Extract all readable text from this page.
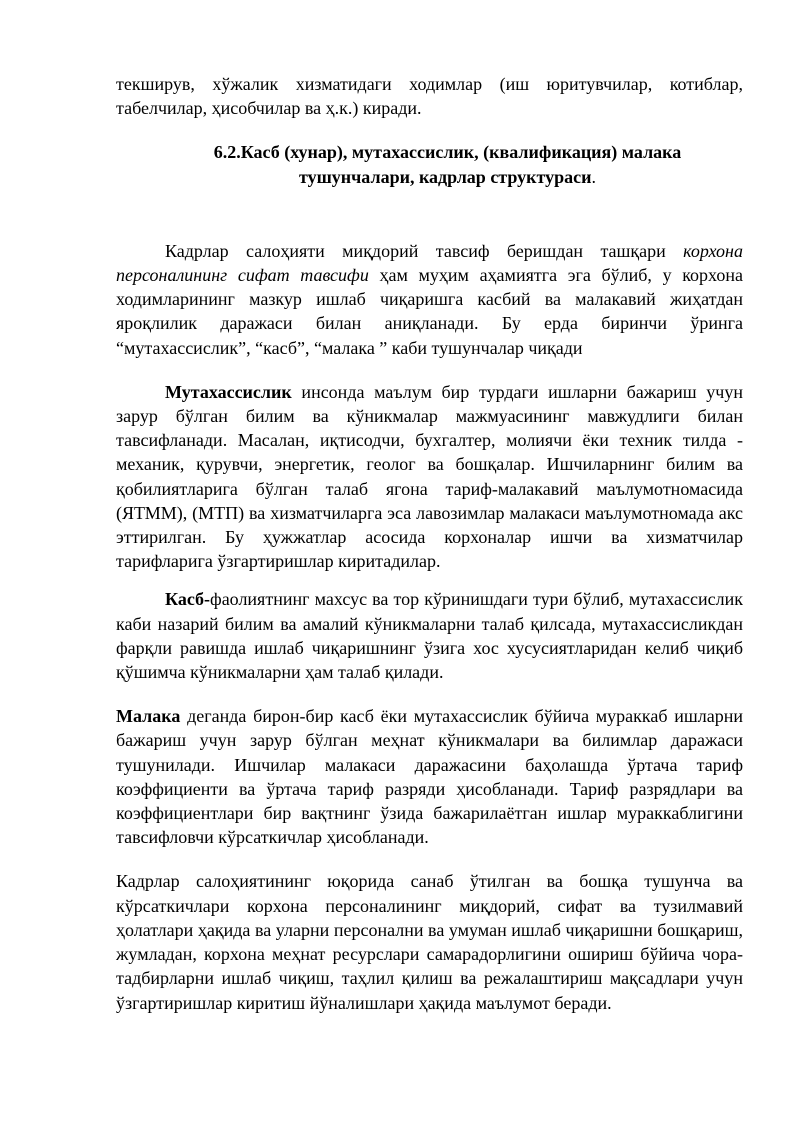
текширув, хўжалик хизматидаги ходимлар (иш юритувчилар, котиблар, табелчилар, ҳисобчилар ва ҳ.к.) киради.

6.2.Касб (хунар), мутахассислик, (квалификация) малака
тушунчалари, кадрлар структураси.

Кадрлар салоҳияти миқдорий тавсиф беришдан ташқари корхона персоналининг сифат тавсифи ҳам муҳим аҳамиятга эга бўлиб, у корхона ходимларининг мазкур ишлаб чиқаришга касбий ва малакавий жиҳатдан яроқлилик даражаси билан аниқланади. Бу ерда биринчи ўринга “мутахассислик”, “касб”, “малака ” каби тушунчалар чиқади

Мутахассислик инсонда маълум бир турдаги ишларни бажариш учун зарур бўлган билим ва кўникмалар мажмуасининг мавжудлиги билан тавсифланади. Масалан, иқтисодчи, бухгалтер, молиячи ёки техник тилда - механик, қурувчи, энергетик, геолог ва бошқалар. Ишчиларнинг билим ва қобилиятларига бўлган талаб ягона тариф-малакавий маълумотномасида (ЯТММ), (МТП) ва хизматчиларга эса лавозимлар малакаси маълумотномада акс эттирилган. Бу ҳужжатлар асосида корхоналар ишчи ва хизматчилар тарифларига ўзгартиришлар киритадилар.

Касб-фаолиятнинг махсус ва тор кўринишдаги тури бўлиб, мутахассислик каби назарий билим ва амалий кўникмаларни талаб қилсада, мутахассисликдан фарқли равишда ишлаб чиқаришнинг ўзига хос хусусиятларидан келиб чиқиб қўшимча кўникмаларни ҳам талаб қилади.

Малака деганда бирон-бир касб ёки мутахассислик бўйича мураккаб ишларни бажариш учун зарур бўлган меҳнат кўникмалари ва билимлар даражаси тушунилади. Ишчилар малакаси даражасини баҳолашда ўртача тариф коэффициенти ва ўртача тариф разряди ҳисобланади. Тариф разрядлари ва коэффициентлари бир вақтнинг ўзида бажарилаётган ишлар мураккаблигини тавсифловчи кўрсаткичлар ҳисобланади.

Кадрлар салоҳиятининг юқорида санаб ўтилган ва бошқа тушунча ва кўрсаткичлари корхона персоналининг миқдорий, сифат ва тузилмавий ҳолатлари ҳақида ва уларни персонални ва умуман ишлаб чиқаришни бошқариш, жумладан, корхона меҳнат ресурслари самарадорлигини ошириш бўйича чора-тадбирларни ишлаб чиқиш, таҳлил қилиш ва режалаштириш мақсадлари учун ўзгартиришлар киритиш йўналишлари ҳақида маълумот беради.
